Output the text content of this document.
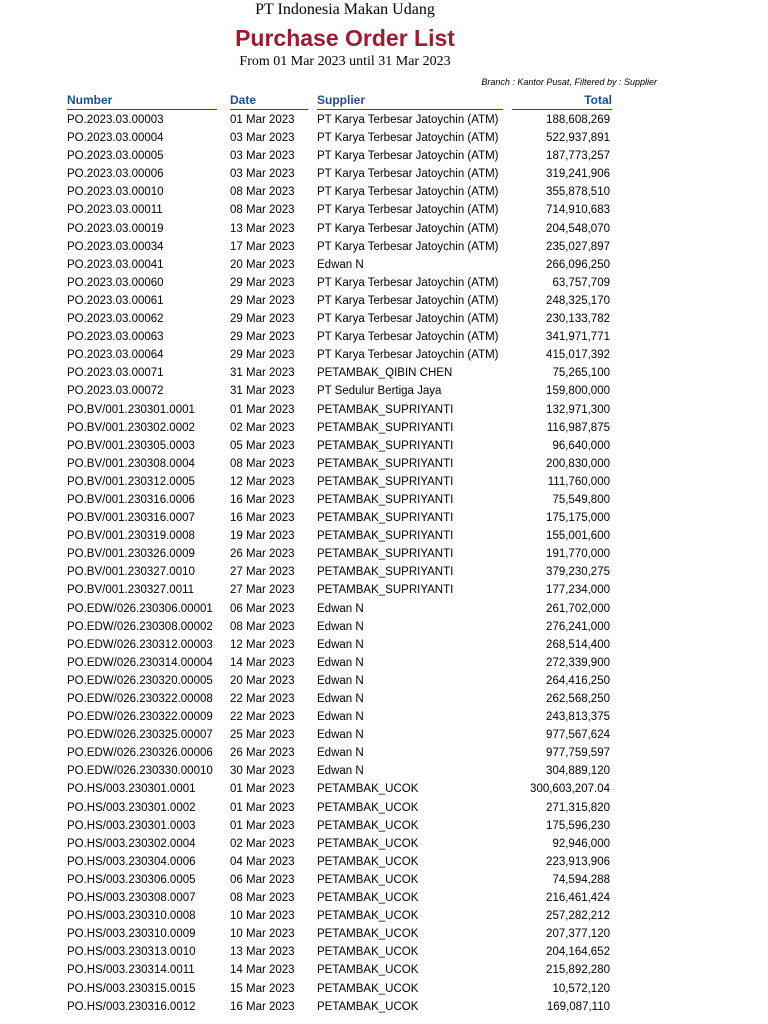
PT Indonesia Makan Udang
Purchase Order List
From 01 Mar 2023 until 31 Mar 2023
Branch : Kantor Pusat, Filtered by : Supplier
Number	Date	Supplier	Total
PO.2023.03.00003	01 Mar 2023	PT Karya Terbesar Jatoychin (ATM)	188,608,269
PO.2023.03.00004	03 Mar 2023	PT Karya Terbesar Jatoychin (ATM)	522,937,891
PO.2023.03.00005	03 Mar 2023	PT Karya Terbesar Jatoychin (ATM)	187,773,257
PO.2023.03.00006	03 Mar 2023	PT Karya Terbesar Jatoychin (ATM)	319,241,906
PO.2023.03.00010	08 Mar 2023	PT Karya Terbesar Jatoychin (ATM)	355,878,510
PO.2023.03.00011	08 Mar 2023	PT Karya Terbesar Jatoychin (ATM)	714,910,683
PO.2023.03.00019	13 Mar 2023	PT Karya Terbesar Jatoychin (ATM)	204,548,070
PO.2023.03.00034	17 Mar 2023	PT Karya Terbesar Jatoychin (ATM)	235,027,897
PO.2023.03.00041	20 Mar 2023	Edwan N	266,096,250
PO.2023.03.00060	29 Mar 2023	PT Karya Terbesar Jatoychin (ATM)	63,757,709
PO.2023.03.00061	29 Mar 2023	PT Karya Terbesar Jatoychin (ATM)	248,325,170
PO.2023.03.00062	29 Mar 2023	PT Karya Terbesar Jatoychin (ATM)	230,133,782
PO.2023.03.00063	29 Mar 2023	PT Karya Terbesar Jatoychin (ATM)	341,971,771
PO.2023.03.00064	29 Mar 2023	PT Karya Terbesar Jatoychin (ATM)	415,017,392
PO.2023.03.00071	31 Mar 2023	PETAMBAK_QIBIN CHEN	75,265,100
PO.2023.03.00072	31 Mar 2023	PT Sedulur Bertiga Jaya	159,800,000
PO.BV/001.230301.0001	01 Mar 2023	PETAMBAK_SUPRIYANTI	132,971,300
PO.BV/001.230302.0002	02 Mar 2023	PETAMBAK_SUPRIYANTI	116,987,875
PO.BV/001.230305.0003	05 Mar 2023	PETAMBAK_SUPRIYANTI	96,640,000
PO.BV/001.230308.0004	08 Mar 2023	PETAMBAK_SUPRIYANTI	200,830,000
PO.BV/001.230312.0005	12 Mar 2023	PETAMBAK_SUPRIYANTI	111,760,000
PO.BV/001.230316.0006	16 Mar 2023	PETAMBAK_SUPRIYANTI	75,549,800
PO.BV/001.230316.0007	16 Mar 2023	PETAMBAK_SUPRIYANTI	175,175,000
PO.BV/001.230319.0008	19 Mar 2023	PETAMBAK_SUPRIYANTI	155,001,600
PO.BV/001.230326.0009	26 Mar 2023	PETAMBAK_SUPRIYANTI	191,770,000
PO.BV/001.230327.0010	27 Mar 2023	PETAMBAK_SUPRIYANTI	379,230,275
PO.BV/001.230327.0011	27 Mar 2023	PETAMBAK_SUPRIYANTI	177,234,000
PO.EDW/026.230306.00001	06 Mar 2023	Edwan N	261,702,000
PO.EDW/026.230308.00002	08 Mar 2023	Edwan N	276,241,000
PO.EDW/026.230312.00003	12 Mar 2023	Edwan N	268,514,400
PO.EDW/026.230314.00004	14 Mar 2023	Edwan N	272,339,900
PO.EDW/026.230320.00005	20 Mar 2023	Edwan N	264,416,250
PO.EDW/026.230322.00008	22 Mar 2023	Edwan N	262,568,250
PO.EDW/026.230322.00009	22 Mar 2023	Edwan N	243,813,375
PO.EDW/026.230325.00007	25 Mar 2023	Edwan N	977,567,624
PO.EDW/026.230326.00006	26 Mar 2023	Edwan N	977,759,597
PO.EDW/026.230330.00010	30 Mar 2023	Edwan N	304,889,120
PO.HS/003.230301.0001	01 Mar 2023	PETAMBAK_UCOK	300,603,207.04
PO.HS/003.230301.0002	01 Mar 2023	PETAMBAK_UCOK	271,315,820
PO.HS/003.230301.0003	01 Mar 2023	PETAMBAK_UCOK	175,596,230
PO.HS/003.230302.0004	02 Mar 2023	PETAMBAK_UCOK	92,946,000
PO.HS/003.230304.0006	04 Mar 2023	PETAMBAK_UCOK	223,913,906
PO.HS/003.230306.0005	06 Mar 2023	PETAMBAK_UCOK	74,594,288
PO.HS/003.230308.0007	08 Mar 2023	PETAMBAK_UCOK	216,461,424
PO.HS/003.230310.0008	10 Mar 2023	PETAMBAK_UCOK	257,282,212
PO.HS/003.230310.0009	10 Mar 2023	PETAMBAK_UCOK	207,377,120
PO.HS/003.230313.0010	13 Mar 2023	PETAMBAK_UCOK	204,164,652
PO.HS/003.230314.0011	14 Mar 2023	PETAMBAK_UCOK	215,892,280
PO.HS/003.230315.0015	15 Mar 2023	PETAMBAK_UCOK	10,572,120
PO.HS/003.230316.0012	16 Mar 2023	PETAMBAK_UCOK	169,087,110
